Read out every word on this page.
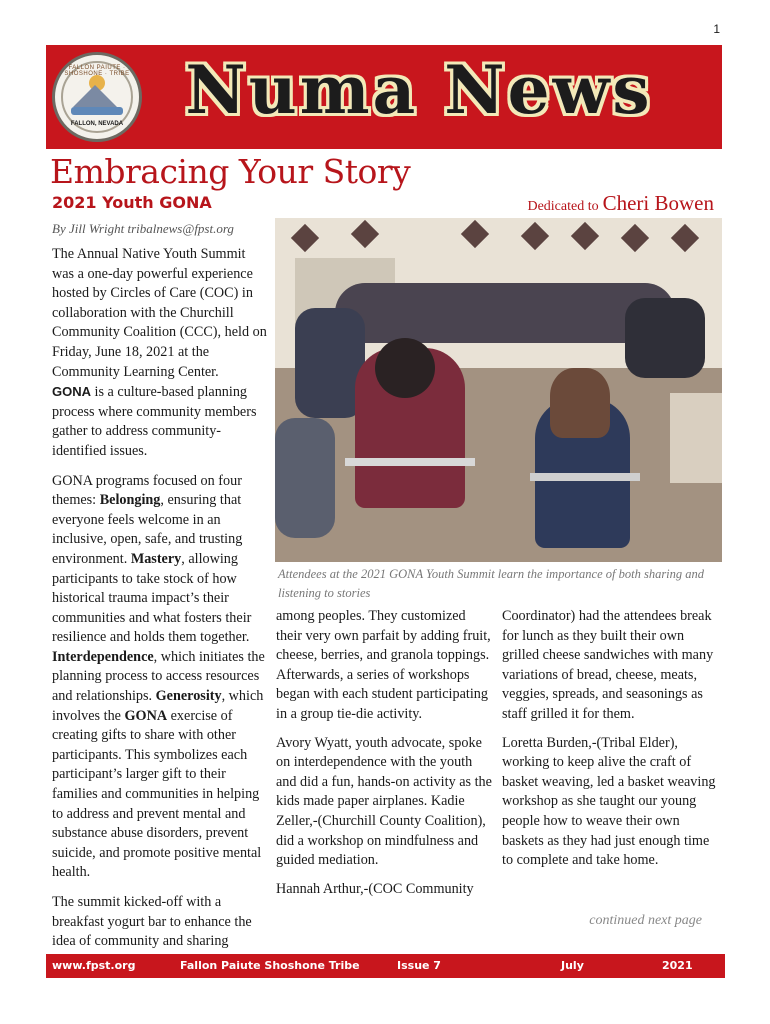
1
FALLON PAIUTE · SHOSHONE · TRIBE
FALLON, NEVADA Numa News
Embracing Your Story
2021 Youth GONA	Dedicated to Cheri Bowen
By Jill Wright tribalnews@fpst.org

The Annual Native Youth Summit was a one-day powerful experience hosted by Circles of Care (COC) in collaboration with the Churchill Community Coalition (CCC), held on Friday, June 18, 2021 at the Community Learning Center.

GONA is a culture-based planning process where community members gather to address community-identified issues.

GONA programs focused on four themes: Belonging, ensuring that everyone feels welcome in an inclusive, open, safe, and trusting environment. Mastery, allowing participants to take stock of how historical trauma impact’s their communities and what fosters their resilience and holds them together. Interdependence, which initiates the planning process to access resources and relationships. Generosity, which involves the GONA exercise of creating gifts to share with other participants. This symbolizes each participant’s larger gift to their families and communities in helping to address and prevent mental and substance abuse disorders, prevent suicide, and promote positive mental health.

The summit kicked-off with a breakfast yogurt bar to enhance the idea of community and sharing

Attendees at the 2021 GONA Youth Summit learn the importance of both sharing and listening to stories

among peoples. They customized their very own parfait by adding fruit, cheese, berries, and granola toppings. Afterwards, a series of workshops began with each student participating in a group tie-die activity.

Avory Wyatt, youth advocate, spoke on interdependence with the youth and did a fun, hands-on activity as the kids made paper airplanes. Kadie Zeller,-(Churchill County Coalition), did a workshop on mindfulness and guided mediation.

Hannah Arthur,-(COC Community

Coordinator) had the attendees break for lunch as they built their own grilled cheese sandwiches with many variations of bread, cheese, meats, veggies, spreads, and seasonings as staff grilled it for them.

Loretta Burden,-(Tribal Elder), working to keep alive the craft of basket weaving, led a basket weaving workshop as she taught our young people how to weave their own baskets as they had just enough time to complete and take home.

continued next page
www.fpst.org	Fallon Paiute Shoshone Tribe	Issue 7	July	2021
